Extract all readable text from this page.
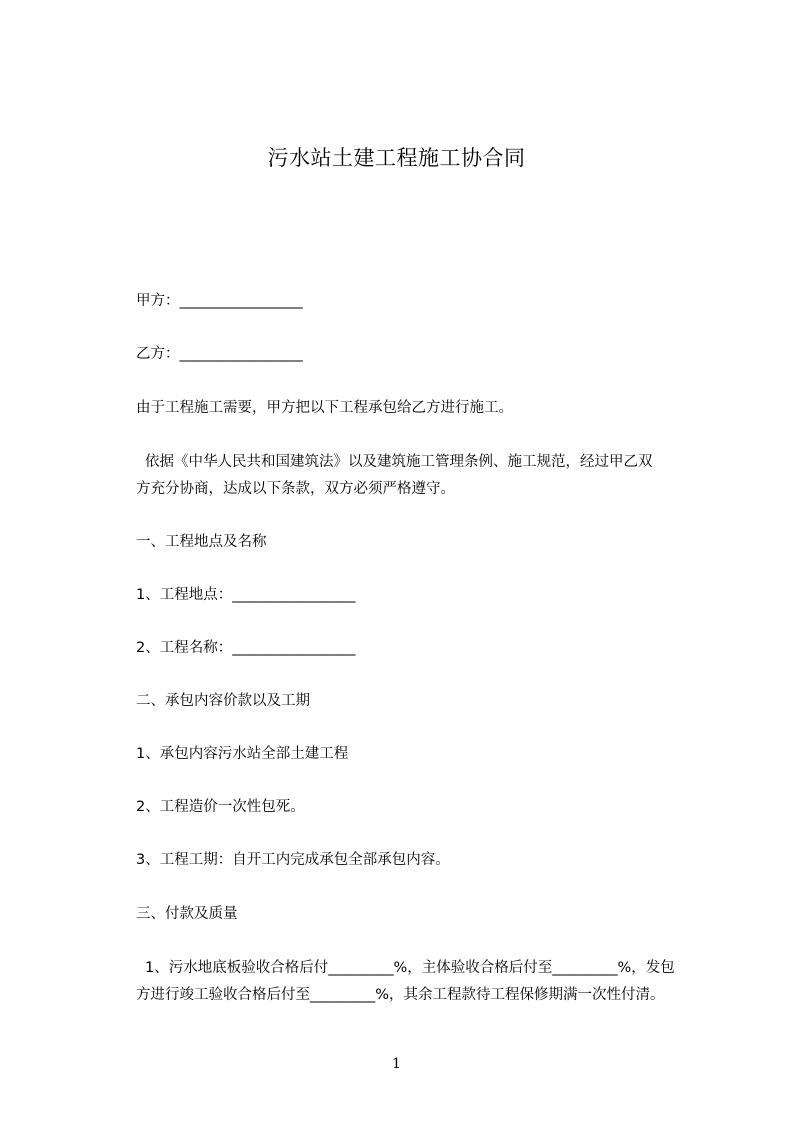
污水站土建工程施工协合同
甲方：_________________
乙方：_________________
由于工程施工需要，甲方把以下工程承包给乙方进行施工。
依据《中华人民共和国建筑法》以及建筑施工管理条例、施工规范，经过甲乙双
方充分协商，达成以下条款，双方必须严格遵守。
一、工程地点及名称
1、工程地点：_________________
2、工程名称：_________________
二、承包内容价款以及工期
1、承包内容污水站全部土建工程
2、工程造价一次性包死。
3、工程工期：自开工内完成承包全部承包内容。
三、付款及质量
1、污水地底板验收合格后付_________%，主体验收合格后付至_________%，发包
方进行竣工验收合格后付至_________%，其余工程款待工程保修期满一次性付清。
1
